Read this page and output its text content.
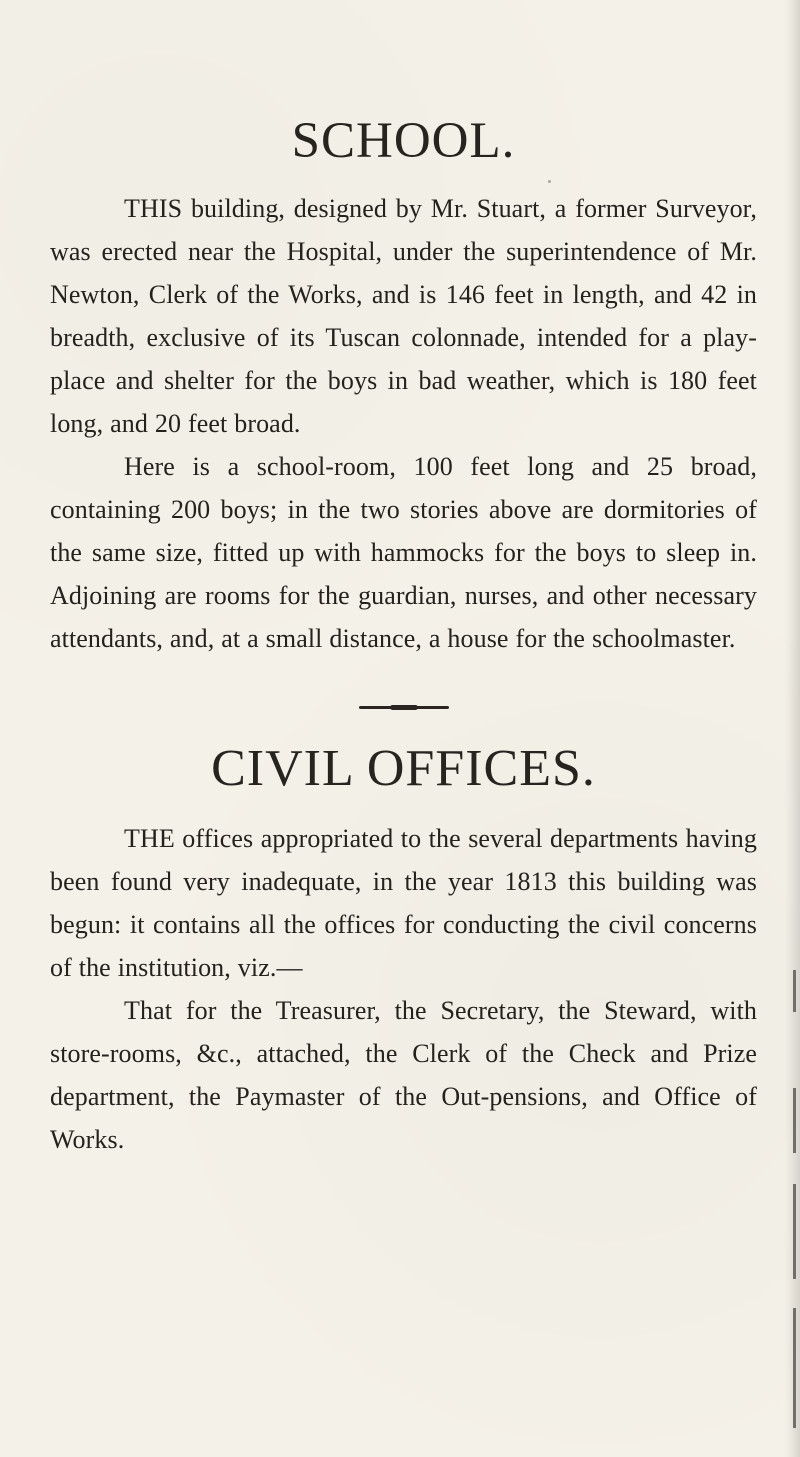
SCHOOL.

THIS building, designed by Mr. Stuart, a former Surveyor, was erected near the Hospital, under the superintendence of Mr. Newton, Clerk of the Works, and is 146 feet in length, and 42 in breadth, exclusive of its Tuscan colonnade, intended for a play-place and shelter for the boys in bad weather, which is 180 feet long, and 20 feet broad.

Here is a school-room, 100 feet long and 25 broad, containing 200 boys; in the two stories above are dormitories of the same size, fitted up with hammocks for the boys to sleep in. Adjoining are rooms for the guardian, nurses, and other necessary attendants, and, at a small distance, a house for the schoolmaster.

CIVIL OFFICES.

THE offices appropriated to the several departments having been found very inadequate, in the year 1813 this building was begun: it contains all the offices for conducting the civil concerns of the institution, viz.—

That for the Treasurer, the Secretary, the Steward, with store-rooms, &c., attached, the Clerk of the Check and Prize department, the Paymaster of the Out-pensions, and Office of Works.
